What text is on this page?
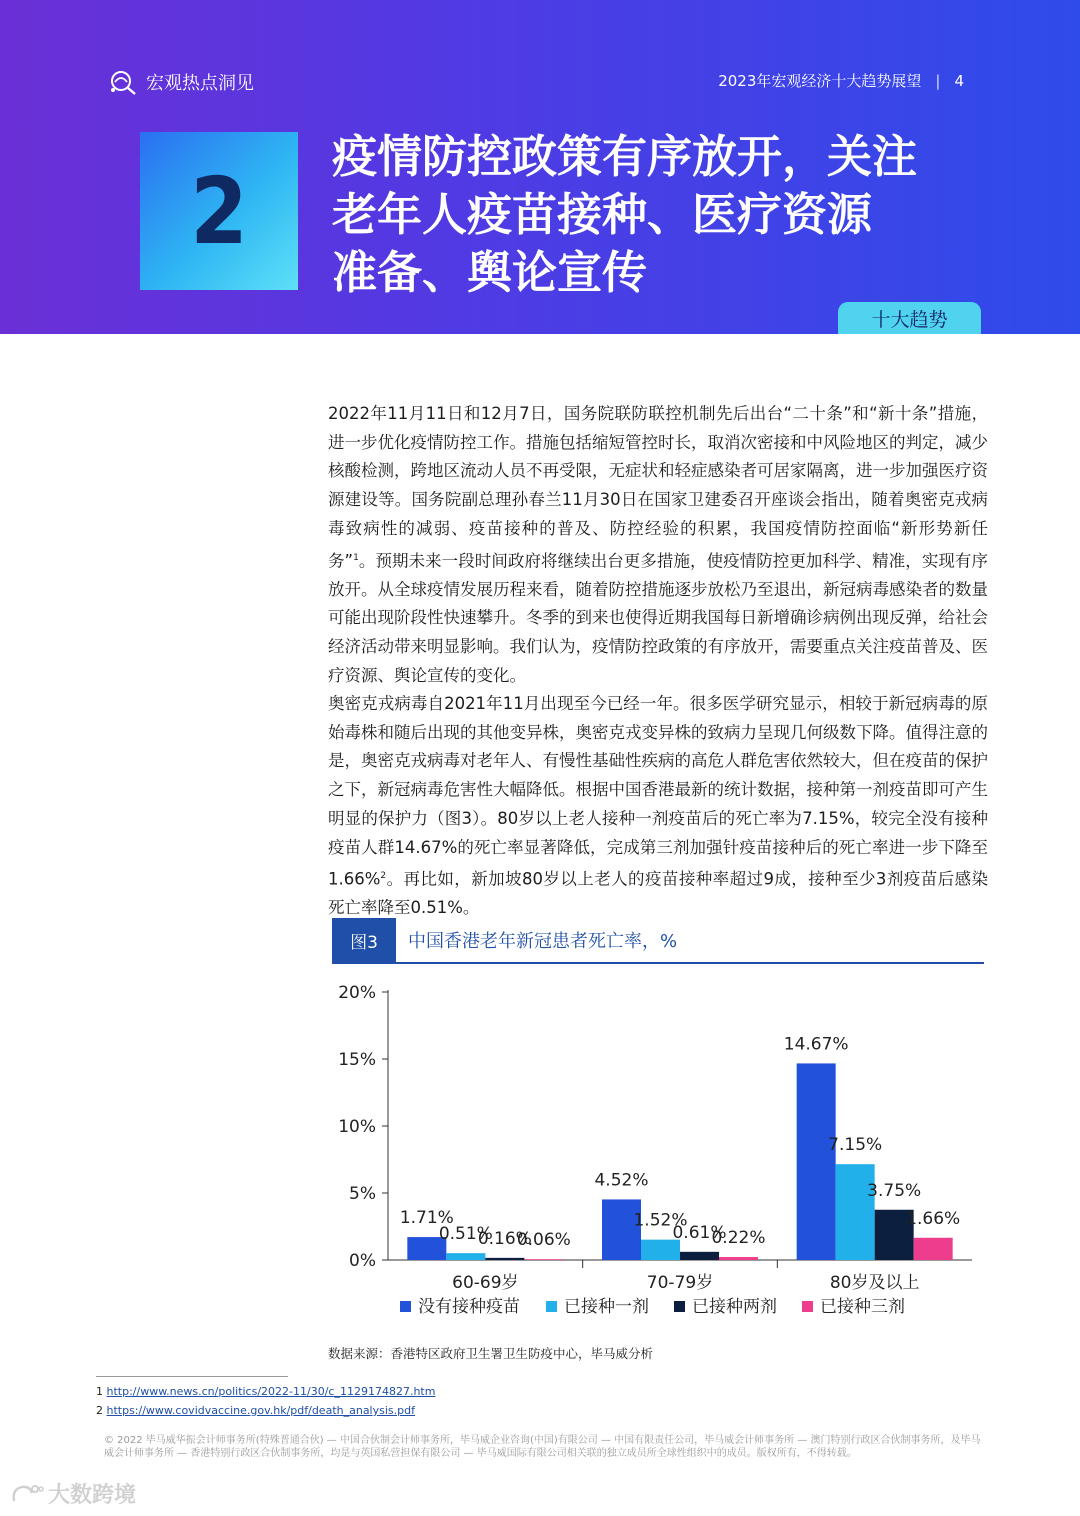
宏观热点洞见	2023年宏观经济十大趋势展望 | 4
2
疫情防控政策有序放开，关注
老年人疫苗接种、医疗资源
准备、舆论宣传
十大趋势
2022年11月11日和12月7日，国务院联防联控机制先后出台“二十条”和“新十条”措施，进一步优化疫情防控工作。措施包括缩短管控时长，取消次密接和中风险地区的判定，减少核酸检测，跨地区流动人员不再受限，无症状和轻症感染者可居家隔离，进一步加强医疗资源建设等。国务院副总理孙春兰11月30日在国家卫建委召开座谈会指出，随着奥密克戎病毒致病性的减弱、疫苗接种的普及、防控经验的积累，我国疫情防控面临“新形势新任务”$^1$。预期未来一段时间政府将继续出台更多措施，使疫情防控更加科学、精准，实现有序放开。从全球疫情发展历程来看，随着防控措施逐步放松乃至退出，新冠病毒感染者的数量可能出现阶段性快速攀升。冬季的到来也使得近期我国每日新增确诊病例出现反弹，给社会经济活动带来明显影响。我们认为，疫情防控政策的有序放开，需要重点关注疫苗普及、医疗资源、舆论宣传的变化。
奥密克戎病毒自2021年11月出现至今已经一年。很多医学研究显示，相较于新冠病毒的原始毒株和随后出现的其他变异株，奥密克戎变异株的致病力呈现几何级数下降。值得注意的是，奥密克戎病毒对老年人、有慢性基础性疾病的高危人群危害依然较大，但在疫苗的保护之下，新冠病毒危害性大幅降低。根据中国香港最新的统计数据，接种第一剂疫苗即可产生明显的保护力（图3）。80岁以上老人接种一剂疫苗后的死亡率为7.15%，较完全没有接种疫苗人群14.67%的死亡率显著降低，完成第三剂加强针疫苗接种后的死亡率进一步下降至1.66%$^2$。再比如，新加坡80岁以上老人的疫苗接种率超过9成，接种至少3剂疫苗后感染死亡率降至0.51%。
图3	中国香港老年新冠患者死亡率，%
0%
5%
10%
15%
20%
1.71%
0.51%
0.16%
0.06%
60-69岁
4.52%
1.52%
0.61%
0.22%
70-79岁
14.67%
7.15%
3.75%
1.66%
80岁及以上
没有接种疫苗	已接种一剂	已接种两剂	已接种三剂
数据来源：香港特区政府卫生署卫生防疫中心，毕马威分析
1 http://www.news.cn/politics/2022-11/30/c_1129174827.htm
2 https://www.covidvaccine.gov.hk/pdf/death_analysis.pdf
© 2022 毕马威华振会计师事务所(特殊普通合伙) — 中国合伙制会计师事务所，毕马威企业咨询(中国)有限公司 — 中国有限责任公司，毕马威会计师事务所 — 澳门特别行政区合伙制事务所，及毕马威会计师事务所 — 香港特别行政区合伙制事务所，均是与英国私营担保有限公司 — 毕马威国际有限公司相关联的独立成员所全球性组织中的成员。版权所有，不得转载。
大数跨境
